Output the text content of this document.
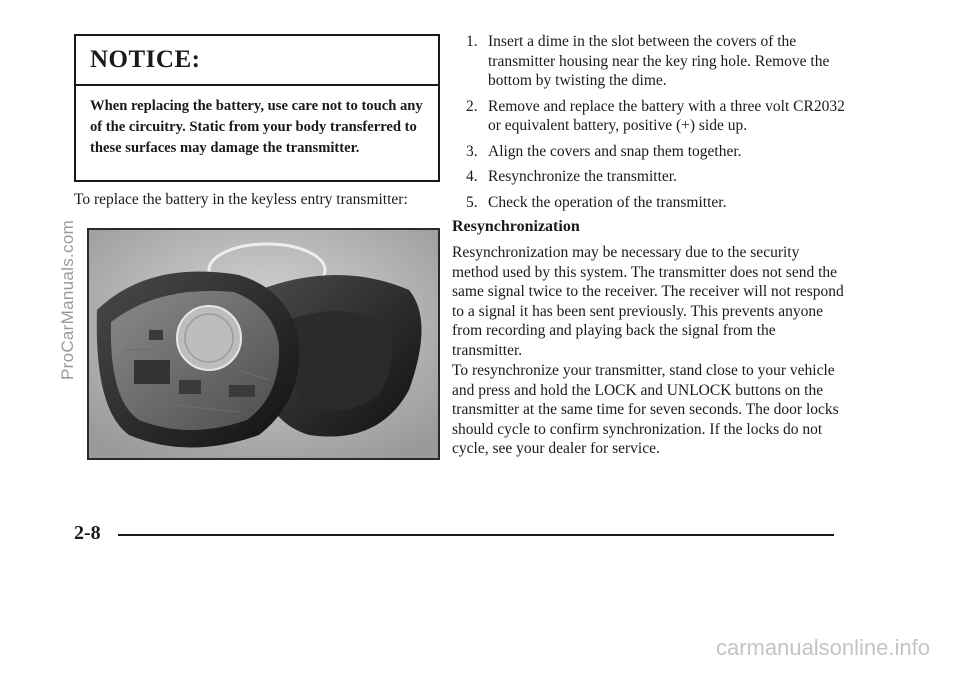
NOTICE:
When replacing the battery, use care not to touch any of the circuitry. Static from your body transferred to these surfaces may damage the transmitter.
To replace the battery in the keyless entry transmitter:
ProCarManuals.com
1. Insert a dime in the slot between the covers of the transmitter housing near the key ring hole. Remove the bottom by twisting the dime.
2. Remove and replace the battery with a three volt CR2032 or equivalent battery, positive (+) side up.
3. Align the covers and snap them together.
4. Resynchronize the transmitter.
5. Check the operation of the transmitter.
Resynchronization

Resynchronization may be necessary due to the security method used by this system. The transmitter does not send the same signal twice to the receiver. The receiver will not respond to a signal it has been sent previously. This prevents anyone from recording and playing back the signal from the transmitter.

To resynchronize your transmitter, stand close to your vehicle and press and hold the LOCK and UNLOCK buttons on the transmitter at the same time for seven seconds. The door locks should cycle to confirm synchronization. If the locks do not cycle, see your dealer for service.

2-8
carmanualsonline.info
